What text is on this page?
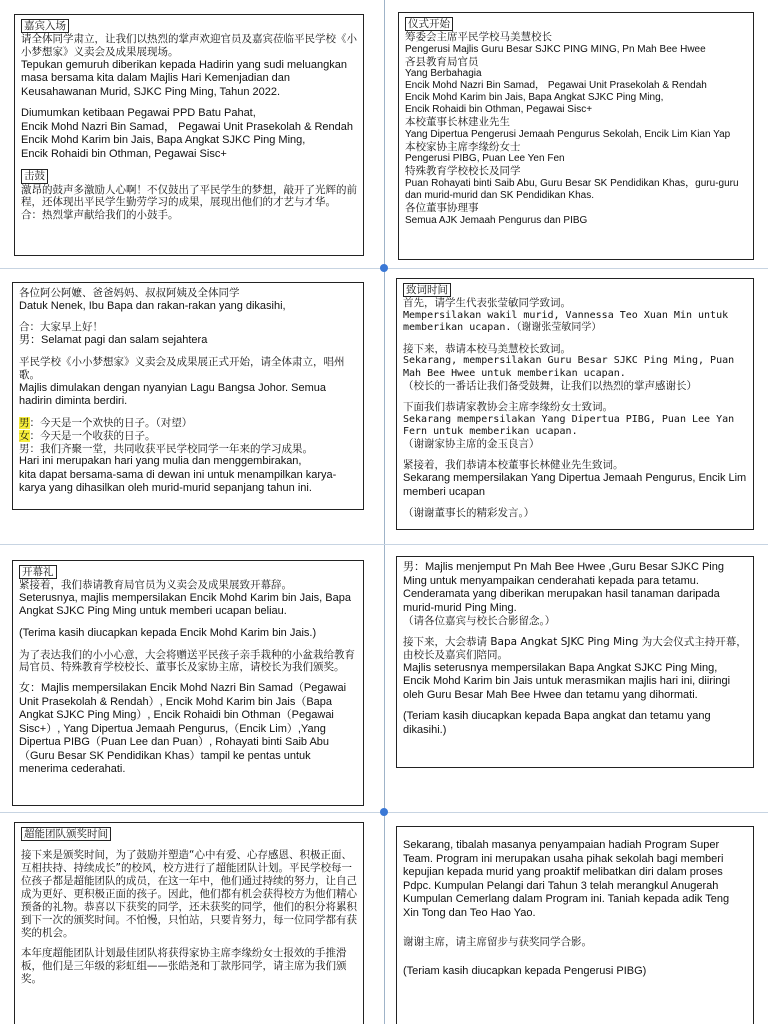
嘉宾入场

请全体同学肃立，让我们以热烈的掌声欢迎官员及嘉宾莅临平民学校《小小梦想家》义卖会及成果展现场。

Tepukan gemuruh diberikan kepada Hadirin yang sudi meluangkan masa bersama kita dalam Majlis Hari Kemenjadian dan Keusahawanan Murid, SJKC Ping Ming, Tahun 2022.

Diumumkan ketibaan Pegawai PPD Batu Pahat,

Encik Mohd Nazri Bin Samad， Pegawai Unit Prasekolah & Rendah

Encik Mohd Karim bin Jais, Bapa Angkat SJKC Ping Ming,

Encik Rohaidi bin Othman, Pegawai Sisc+

击鼓

激昂的鼓声多激励人心啊！不仅鼓出了平民学生的梦想，敲开了光辉的前程，还体现出平民学生勤劳学习的成果，展现出他们的才艺与才华。

合：热烈掌声献给我们的小鼓手。

仪式开始

筹委会主席平民学校马美慧校长

Pengerusi Majlis Guru Besar SJKC PING MING, Pn Mah Bee Hwee

吝县教育局官员

Yang Berbahagia

Encik Mohd Nazri Bin Samad， Pegawai Unit Prasekolah & Rendah

Encik Mohd Karim bin Jais, Bapa Angkat SJKC Ping Ming,

Encik Rohaidi bin Othman, Pegawai Sisc+

本校董事长林建业先生

Yang Dipertua Pengerusi Jemaah Pengurus Sekolah, Encik Lim Kian Yap

本校家协主席李缘纷女士

Pengerusi PIBG, Puan Lee Yen Fen

特殊教育学校校长及同学

Puan Rohayati binti Saib Abu, Guru Besar SK Pendidikan Khas，guru-guru dan murid-murid dan SK Pendidikan Khas.

各位董事协理事

Semua AJK Jemaah Pengurus dan PIBG

各位阿公阿嬷、爸爸妈妈、叔叔阿姨及全体同学

Datuk Nenek, Ibu Bapa dan rakan-rakan yang dikasihi,

合：大家早上好！

男：Selamat pagi dan salam sejahtera

平民学校《小小梦想家》义卖会及成果展正式开始，请全体肃立，唱州歌。

Majlis dimulakan dengan nyanyian Lagu Bangsa Johor. Semua hadirin diminta berdiri.

男：今天是一个欢快的日子。（对望）

女：今天是一个收获的日子。

男：我们齐聚一堂，共同收获平民学校同学一年来的学习成果。

Hari ini merupakan hari yang mulia dan menggembirakan,

kita dapat bersama-sama di dewan ini untuk menampilkan karya-karya yang dihasilkan oleh murid-murid sepanjang tahun ini.

致词时间

首先，请学生代表张莹敏同学致词。

Mempersilakan wakil murid, Vannessa Teo Xuan Min untuk memberikan ucapan.（谢谢张莹敏同学）

接下来，恭请本校马美慧校长致词。

Sekarang, mempersilakan Guru Besar SJKC Ping Ming, Puan Mah Bee Hwee untuk memberikan ucapan.

（校长的一番话让我们备受鼓舞，让我们以热烈的掌声感谢长）

下面我们恭请家教协会主席李缘纷女士致词。

Sekarang mempersilakan Yang Dipertua PIBG, Puan Lee Yan Fern untuk memberikan ucapan.

（谢谢家协主席的金玉良言）

紧接着，我们恭请本校董事长林健业先生致词。

Sekarang mempersilakan Yang Dipertua Jemaah Pengurus, Encik Lim memberi ucapan

（谢谢董事长的精彩发言。）

开幕礼

紧接着，我们恭请教育局官员为义卖会及成果展致开幕辞。

Seterusnya, majlis mempersilakan Encik Mohd Karim bin Jais, Bapa Angkat SJKC Ping Ming untuk memberi ucapan beliau.

(Terima kasih diucapkan kepada Encik Mohd Karim bin Jais.)

为了表达我们的小小心意，大会将赠送平民孩子亲手栽种的小盆栽给教育局官员、特殊教育学校校长、董事长及家协主席，请校长为我们颁奖。

女：Majlis mempersilakan Encik Mohd Nazri Bin Samad（Pegawai Unit Prasekolah & Rendah）, Encik Mohd Karim bin Jais（Bapa Angkat SJKC Ping Ming）, Encik Rohaidi bin Othman（Pegawai Sisc+）, Yang Dipertua Jemaah Pengurus,（Encik Lim）,Yang Dipertua PIBG（Puan Lee dan Puan）, Rohayati binti Saib Abu（Guru Besar SK Pendidikan Khas）tampil ke pentas untuk menerima cederahati.

男：Majlis menjemput Pn Mah Bee Hwee ,Guru Besar SJKC Ping Ming untuk menyampaikan cenderahati kepada para tetamu. Cenderamata yang diberikan merupakan hasil tanaman daripada murid-murid Ping Ming.

（请各位嘉宾与校长合影留念。）

接下来，大会恭请 Bapa Angkat SJKC Ping Ming 为大会仪式主持开幕，由校长及嘉宾们陪同。

Majlis seterusnya mempersilakan Bapa Angkat SJKC Ping Ming, Encik Mohd Karim bin Jais untuk merasmikan majlis hari ini, diiringi oleh Guru Besar Mah Bee Hwee dan tetamu yang dihormati.

(Teriam kasih diucapkan kepada Bapa angkat dan tetamu yang dikasihi.)

超能团队颁奖时间

接下来是颁奖时间，为了鼓励并塑造“心中有爱、心存感恩、积极正面、互相扶持、持续成长”的校风，校方进行了超能团队计划。平民学校每一位孩子都是超能团队的成员，在这一年中，他们通过持续的努力，让自己成为更好、更积极正面的孩子。因此，他们都有机会获得校方为他们精心预备的礼物。恭喜以下获奖的同学，还未获奖的同学，他们的积分将累积到下一次的颁奖时间。不怕慢，只怕站，只要肯努力，每一位同学都有获奖的机会。

本年度超能团队计划最佳团队将获得家协主席李缘纷女士报效的手推滑板，他们是三年级的彩虹组——张皓尧和丁款彤同学，请主席为我们颁奖。

Sekarang, tibalah masanya penyampaian hadiah Program Super Team. Program ini merupakan usaha pihak sekolah bagi memberi kepujian kepada murid yang proaktif melibatkan diri dalam proses Pdpc. Kumpulan Pelangi dari Tahun 3 telah merangkul Anugerah Kumpulan Cemerlang dalam Program ini. Taniah kepada adik Teng Xin Tong dan Teo Hao Yao.

谢谢主席，请主席留步与获奖同学合影。

(Teriam kasih diucapkan kepada Pengerusi PIBG)
